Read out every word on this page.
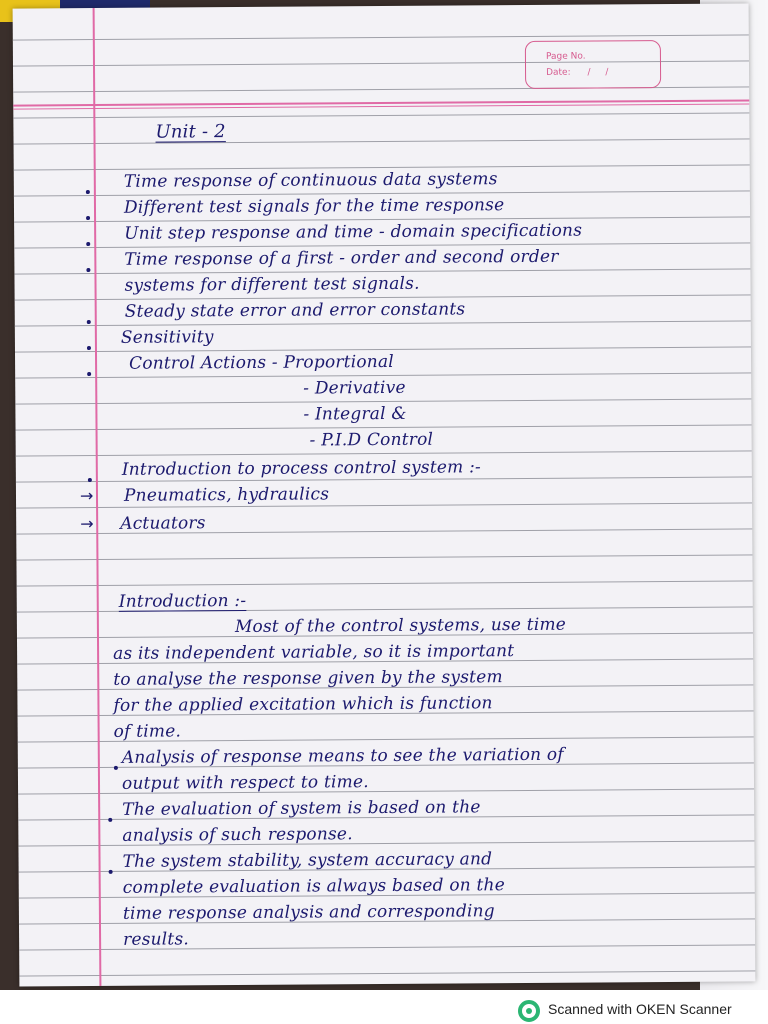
Page No.
Date: / /
Unit - 2
Time response of continuous data systems
Different test signals for the time response
Unit step response and time - domain specifications
Time response of a first - order and second order
systems for different test signals.
Steady state error and error constants
Sensitivity
Control Actions - Proportional
- Derivative
- Integral &
- P.I.D Control
Introduction to process control system :-
→ Pneumatics, hydraulics
→ Actuators
Introduction :-
Most of the control systems, use time
as its independent variable, so it is important
to analyse the response given by the system
for the applied excitation which is function
of time.
Analysis of response means to see the variation of
output with respect to time.
The evaluation of system is based on the
analysis of such response.
The system stability, system accuracy and
complete evaluation is always based on the
time response analysis and corresponding
results.
Scanned with OKEN Scanner
